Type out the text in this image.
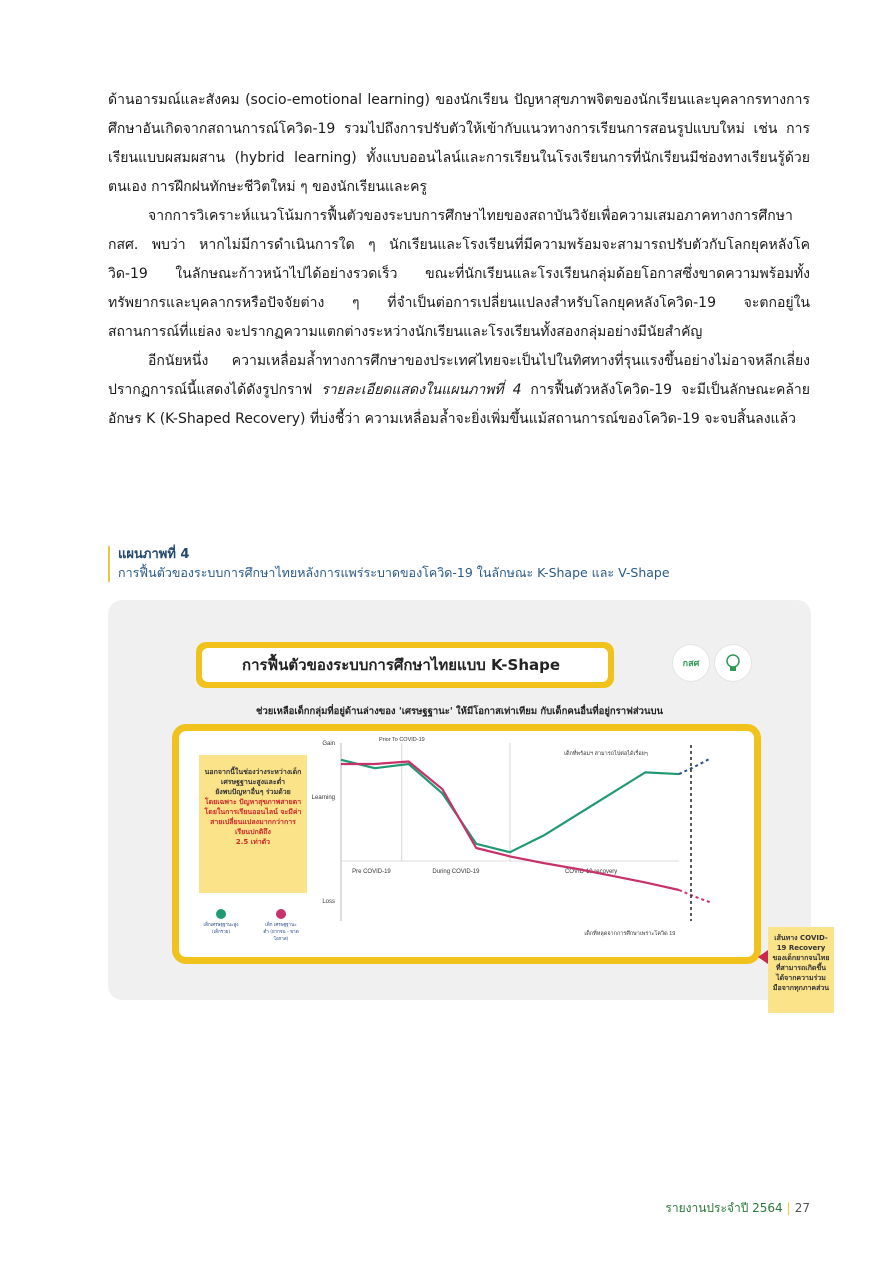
ด้านอารมณ์และสังคม (socio-emotional learning) ของนักเรียน ปัญหาสุขภาพจิตของนักเรียนและบุคลากรทางการศึกษาอันเกิดจากสถานการณ์โควิด-19 รวมไปถึงการปรับตัวให้เข้ากับแนวทางการเรียนการสอนรูปแบบใหม่ เช่น การเรียนแบบผสมผสาน (hybrid learning) ทั้งแบบออนไลน์และการเรียนในโรงเรียนการที่นักเรียนมีช่องทางเรียนรู้ด้วยตนเอง การฝึกฝนทักษะชีวิตใหม่ ๆ ของนักเรียนและครู

จากการวิเคราะห์แนวโน้มการฟื้นตัวของระบบการศึกษาไทยของสถาบันวิจัยเพื่อความเสมอภาคทางการศึกษา กสศ. พบว่า หากไม่มีการดำเนินการใด ๆ นักเรียนและโรงเรียนที่มีความพร้อมจะสามารถปรับตัวกับโลกยุคหลังโควิด-19 ในลักษณะก้าวหน้าไปได้อย่างรวดเร็ว ขณะที่นักเรียนและโรงเรียนกลุ่มด้อยโอกาสซึ่งขาดความพร้อมทั้งทรัพยากรและบุคลากรหรือปัจจัยต่าง ๆ ที่จำเป็นต่อการเปลี่ยนแปลงสำหรับโลกยุคหลังโควิด-19 จะตกอยู่ในสถานการณ์ที่แย่ลง จะปรากฏความแตกต่างระหว่างนักเรียนและโรงเรียนทั้งสองกลุ่มอย่างมีนัยสำคัญ

อีกนัยหนึ่ง ความเหลื่อมล้ำทางการศึกษาของประเทศไทยจะเป็นไปในทิศทางที่รุนแรงขึ้นอย่างไม่อาจหลีกเลี่ยง ปรากฏการณ์นี้แสดงได้ดังรูปกราฟ รายละเอียดแสดงในแผนภาพที่ 4 การฟื้นตัวหลังโควิด-19 จะมีเป็นลักษณะคล้ายอักษร K (K-Shaped Recovery) ที่บ่งชี้ว่า ความเหลื่อมล้ำจะยิ่งเพิ่มขึ้นแม้สถานการณ์ของโควิด-19 จะจบสิ้นลงแล้ว

แผนภาพที่ 4
การฟื้นตัวของระบบการศึกษาไทยหลังการแพร่ระบาดของโควิด-19 ในลักษณะ K-Shape และ V-Shape
การฟื้นตัวของระบบการศึกษาไทยแบบ K-Shape	กสศ
ช่วยเหลือเด็กกลุ่มที่อยู่ด้านล่างของ 'เศรษฐฐานะ' ให้มีโอกาสเท่าเทียม กับเด็กคนอื่นที่อยู่กราฟส่วนบน
นอกจากนี้ในช่องว่างระหว่างเด็ก
เศรษฐฐานะสูงและต่ำ
ยังพบปัญหาอื่นๆ ร่วมด้วย
โดยเฉพาะ ปัญหาสุขภาพสายตา โดยในการเรียนออนไลน์ จะมีค่าสายเปลี่ยนแปลงมากกว่าการเรียนปกติถึง
2.5 เท่าตัว
เด็กเศรษฐฐานะสูง (เด็กรวย)
เด็ก เศรษฐฐานะต่ำ (ยากจน - ขาดโอกาส)
Gain
Learning
Loss
Pre COVID-19	During COVID-19	COVID-19 recovery
Prior To COVID-19
เด็กที่พร้อมฯ สามารถไปต่อได้เรื่อยๆ
เด็กที่หลุดจากการศึกษาเพราะโควิด 19	เส้นทาง COVID-19 Recovery ของเด็กยากจนไทย ที่สามารถเกิดขึ้นได้จากความร่วมมือจากทุกภาคส่วน
รายงานประจำปี 2564 | 27
